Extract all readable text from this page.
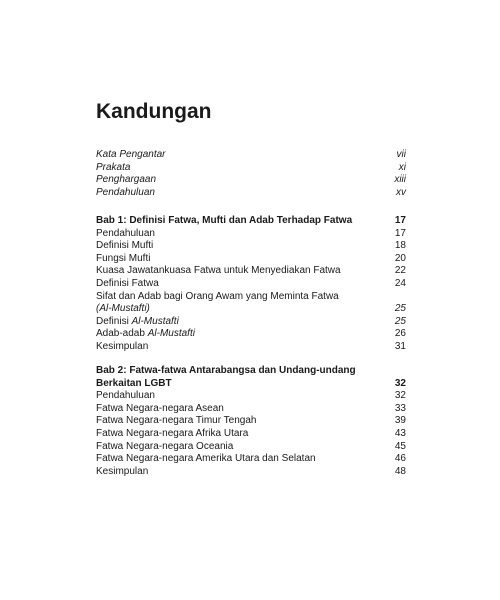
Kandungan
Kata Pengantar	vii
Prakata	xi
Penghargaan	xiii
Pendahuluan	xv
Bab 1: Definisi Fatwa, Mufti dan Adab Terhadap Fatwa	17
Pendahuluan	17
Definisi Mufti	18
Fungsi Mufti	20
Kuasa Jawatankuasa Fatwa untuk Menyediakan Fatwa	22
Definisi Fatwa	24
Sifat dan Adab bagi Orang Awam yang Meminta Fatwa
(Al-Mustafti)	25
Definisi Al-Mustafti	25
Adab-adab Al-Mustafti	26
Kesimpulan	31
Bab 2: Fatwa-fatwa Antarabangsa dan Undang-undang
Berkaitan LGBT	32
Pendahuluan	32
Fatwa Negara-negara Asean	33
Fatwa Negara-negara Timur Tengah	39
Fatwa Negara-negara Afrika Utara	43
Fatwa Negara-negara Oceania	45
Fatwa Negara-negara Amerika Utara dan Selatan	46
Kesimpulan	48
